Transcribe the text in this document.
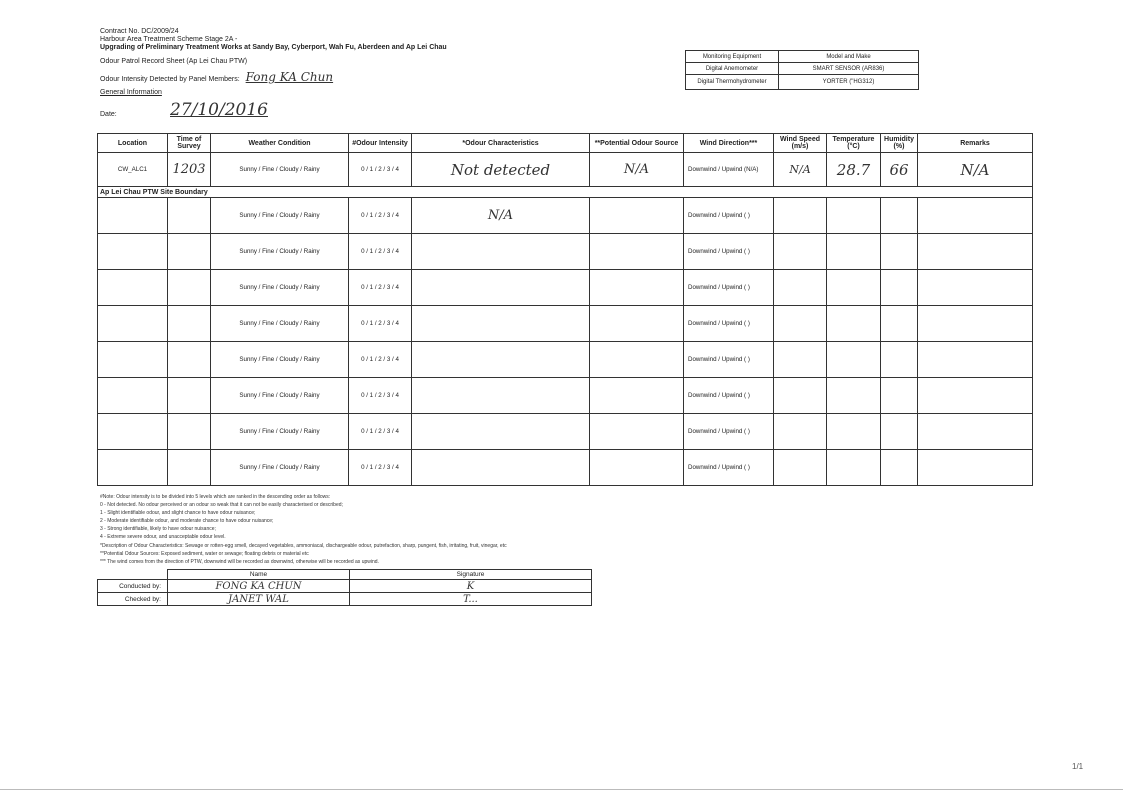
Contract No. DC/2009/24
Harbour Area Treatment Scheme Stage 2A -
Upgrading of Preliminary Treatment Works at Sandy Bay, Cyberport, Wah Fu, Aberdeen and Ap Lei Chau
Odour Patrol Record Sheet (Ap Lei Chau PTW)
Odour Intensity Detected by Panel Members: Fong KA Chun
General Information
Date:	27/10/2016
Monitoring Equipment	Model and Make
Digital Anemometer	SMART SENSOR (AR836)
Digital Thermohydrometer	YORTER ("HG312)
Location	Time of Survey	Weather Condition	#Odour Intensity	*Odour Characteristics	**Potential Odour Source	Wind Direction***	Wind Speed (m/s)	Temperature (°C)	Humidity (%)	Remarks
CW_ALC1	1203	Sunny / Fine / Cloudy / Rainy	0 / 1 / 2 / 3 / 4	Not detected	N/A	Downwind / Upwind (N/A)	N/A	28.7	66	N/A
Ap Lei Chau PTW Site Boundary										
		Sunny / Fine / Cloudy / Rainy	0 / 1 / 2 / 3 / 4	N/A		Downwind / Upwind ( )				
		Sunny / Fine / Cloudy / Rainy	0 / 1 / 2 / 3 / 4			Downwind / Upwind ( )				
		Sunny / Fine / Cloudy / Rainy	0 / 1 / 2 / 3 / 4			Downwind / Upwind ( )				
		Sunny / Fine / Cloudy / Rainy	0 / 1 / 2 / 3 / 4			Downwind / Upwind ( )				
		Sunny / Fine / Cloudy / Rainy	0 / 1 / 2 / 3 / 4			Downwind / Upwind ( )				
		Sunny / Fine / Cloudy / Rainy	0 / 1 / 2 / 3 / 4			Downwind / Upwind ( )				
		Sunny / Fine / Cloudy / Rainy	0 / 1 / 2 / 3 / 4			Downwind / Upwind ( )				
		Sunny / Fine / Cloudy / Rainy	0 / 1 / 2 / 3 / 4			Downwind / Upwind ( )				
#Note: Odour intensity is to be divided into 5 levels which are ranked in the descending order as follows:
0 - Not detected. No odour perceived or an odour so weak that it can not be easily characterised or described;
1 - Slight identifiable odour, and slight chance to have odour nuisance;
2 - Moderate identifiable odour, and moderate chance to have odour nuisance;
3 - Strong identifiable, likely to have odour nuisance;
4 - Extreme severe odour, and unacceptable odour level.
*Description of Odour Characteristics: Sewage or rotten-egg smell, decayed vegetables, ammoniacal, dischargeable odour, putrefaction, sharp, pungent, fish, irritating, fruit, vinegar, etc
**Potential Odour Sources: Exposed sediment, water or sewage; floating debris or material etc
*** The wind comes from the direction of PTW, downwind will be recorded as downwind, otherwise will be recorded as upwind.
	Name	Signature
Conducted by:	FONG KA CHUN	K
Checked by:	JANET WAL	T...
1/1
